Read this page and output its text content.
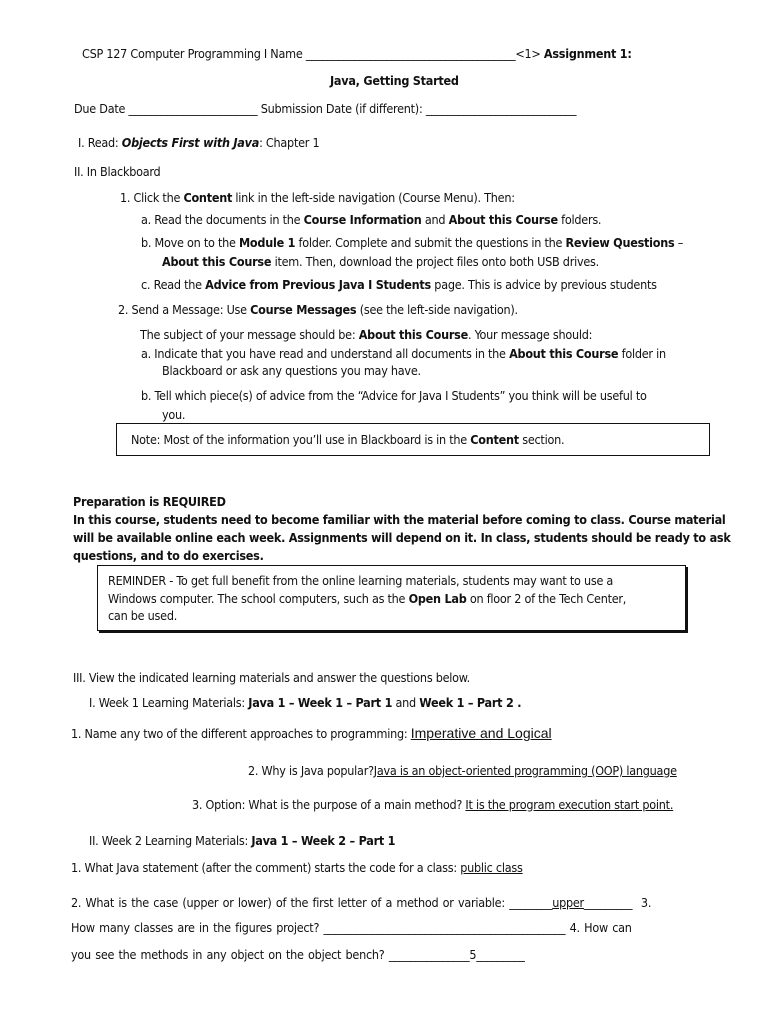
CSP 127 Computer Programming I Name _______________________________________<1> Assignment 1:
Java, Getting Started
Due Date ________________________ Submission Date (if different): ____________________________
I. Read: Objects First with Java: Chapter 1
II. In Blackboard
1. Click the Content link in the left-side navigation (Course Menu). Then:
a. Read the documents in the Course Information and About this Course folders.
b. Move on to the Module 1 folder. Complete and submit the questions in the Review Questions –
About this Course item. Then, download the project files onto both USB drives.
c. Read the Advice from Previous Java I Students page. This is advice by previous students
2. Send a Message: Use Course Messages (see the left-side navigation).
The subject of your message should be: About this Course. Your message should:
a. Indicate that you have read and understand all documents in the About this Course folder in
Blackboard or ask any questions you may have.
b. Tell which piece(s) of advice from the “Advice for Java I Students” you think will be useful to
you.
Note: Most of the information you’ll use in Blackboard is in the Content section.
Preparation is REQUIRED
In this course, students need to become familiar with the material before coming to class. Course material
will be available online each week. Assignments will depend on it. In class, students should be ready to ask
questions, and to do exercises.
REMINDER - To get full benefit from the online learning materials, students may want to use a
Windows computer. The school computers, such as the Open Lab on floor 2 of the Tech Center,
can be used.
III. View the indicated learning materials and answer the questions below.
I. Week 1 Learning Materials: Java 1 – Week 1 – Part 1 and Week 1 – Part 2 .
1. Name any two of the different approaches to programming: Imperative and Logical
2. Why is Java popular?Java is an object-oriented programming (OOP) language
3. Option: What is the purpose of a main method? It is the program execution start point.
II. Week 2 Learning Materials: Java 1 – Week 2 – Part 1
1. What Java statement (after the comment) starts the code for a class: public class
2. What is the case (upper or lower) of the first letter of a method or variable: ________upper_________ 3.
How many classes are in the figures project? _____________________________________________ 4. How can
you see the methods in any object on the object bench? _______________5_________
